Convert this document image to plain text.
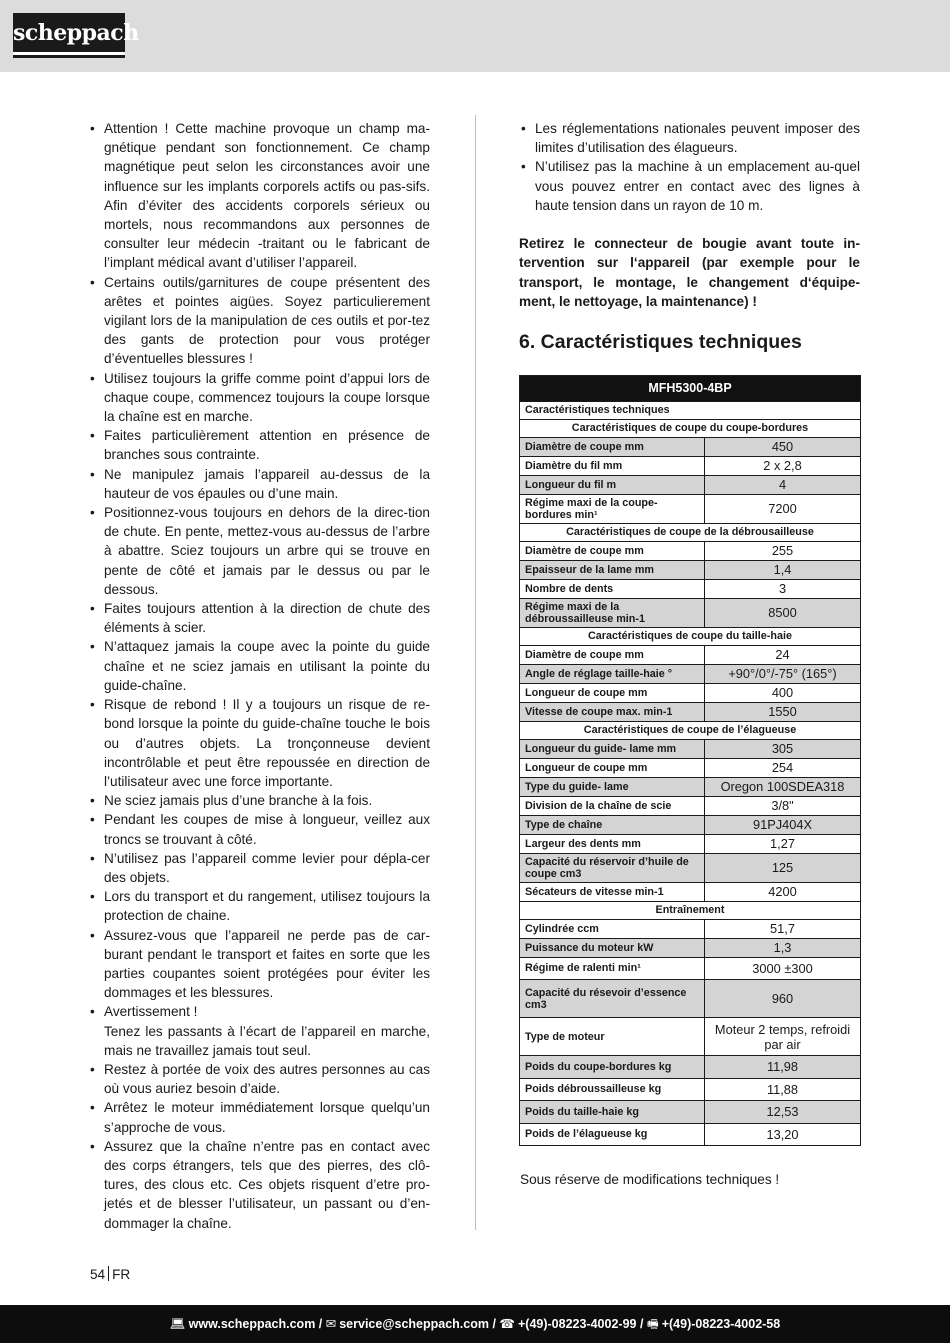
scheppach
• Attention ! Cette machine provoque un champ ma-gnétique pendant son fonctionnement. Ce champ magnétique peut selon les circonstances avoir une influence sur les implants corporels actifs ou pas-sifs. Afin d’éviter des accidents corporels sérieux ou mortels, nous recommandons aux personnes de consulter leur médecin -traitant ou le fabricant de l’implant médical avant d’utiliser l’appareil.
• Certains outils/garnitures de coupe présentent des arêtes et pointes aigües. Soyez particulierement vigilant lors de la manipulation de ces outils et por-tez des gants de protection pour vous protéger d’éventuelles blessures !
• Utilisez toujours la griffe comme point d’appui lors de chaque coupe, commencez toujours la coupe lorsque la chaîne est en marche.
• Faites particulièrement attention en présence de branches sous contrainte.
• Ne manipulez jamais l’appareil au-dessus de la hauteur de vos épaules ou d’une main.
• Positionnez-vous toujours en dehors de la direc-tion de chute. En pente, mettez-vous au-dessus de l’arbre à abattre. Sciez toujours un arbre qui se trouve en pente de côté et jamais par le dessus ou par le dessous.
• Faites toujours attention à la direction de chute des éléments à scier.
• N’attaquez jamais la coupe avec la pointe du guide chaîne et ne sciez jamais en utilisant la pointe du guide-chaîne.
• Risque de rebond ! Il y a toujours un risque de re-bond lorsque la pointe du guide-chaîne touche le bois ou d’autres objets. La tronçonneuse devient incontrôlable et peut être repoussée en direction de l’utilisateur avec une force importante.
• Ne sciez jamais plus d’une branche à la fois.
• Pendant les coupes de mise à longueur, veillez aux troncs se trouvant à côté.
• N’utilisez pas l’appareil comme levier pour dépla-cer des objets.
• Lors du transport et du rangement, utilisez toujours la protection de chaine.
• Assurez-vous que l’appareil ne perde pas de car-burant pendant le transport et faites en sorte que les parties coupantes soient protégées pour éviter les dommages et les blessures.
• Avertissement !
Tenez les passants à l’écart de l’appareil en marche, mais ne travaillez jamais tout seul.
• Restez à portée de voix des autres personnes au cas où vous auriez besoin d’aide.
• Arrêtez le moteur immédiatement lorsque quelqu’un s’approche de vous.
• Assurez que la chaîne n’entre pas en contact avec des corps étrangers, tels que des pierres, des clô-tures, des clous etc. Ces objets risquent d’etre pro-jetés et de blesser l’utilisateur, un passant ou d’en-dommager la chaîne.
• Les réglementations nationales peuvent imposer des limites d’utilisation des élagueurs.
• N’utilisez pas la machine à un emplacement au-quel vous pouvez entrer en contact avec des lignes à haute tension dans un rayon de 10 m.

Retirez le connecteur de bougie avant toute in-tervention sur l‘appareil (par exemple pour le transport, le montage, le changement d‘équipe-ment, le nettoyage, la maintenance) !

6. Caractéristiques techniques
MFH5300-4BP	
Caractéristiques techniques	
Caractéristiques de coupe du coupe-bordures	
Diamètre de coupe mm	450
Diamètre du fil mm	2 x 2,8
Longueur du fil m	4
Régime maxi de la coupe-bordures min¹	7200
Caractéristiques de coupe de la débrousailleuse	
Diamètre de coupe mm	255
Epaisseur de la lame mm	1,4
Nombre de dents	3
Régime maxi de la débroussailleuse min-1	8500
Caractéristiques de coupe du taille-haie	
Diamètre de coupe mm	24
Angle de réglage taille-haie °	+90°/0°/-75° (165°)
Longueur de coupe mm	400
Vitesse de coupe max. min-1	1550
Caractéristiques de coupe de l’élagueuse	
Longueur du guide- lame mm	305
Longueur de coupe mm	254
Type du guide- lame	Oregon 100SDEA318
Division de la chaîne de scie	3/8"
Type de chaîne	91PJ404X
Largeur des dents mm	1,27
Capacité du réservoir d’huile de coupe cm3	125
Sécateurs de vitesse min-1	4200
Entraînement	
Cylindrée ccm	51,7
Puissance du moteur kW	1,3
Régime de ralenti min¹	3000 ±300
Capacité du résevoir d’essence cm3	960
Type de moteur	Moteur 2 temps, refroidi par air
Poids du coupe-bordures kg	11,98
Poids débroussailleuse kg	11,88
Poids du taille-haie kg	12,53
Poids de l’élagueuse kg	13,20

Sous réserve de modifications techniques !

54 FR
💻︎ www.scheppach.com / ✉︎ service@scheppach.com / ☎ +(49)-08223-4002-99 / 🖷︎ +(49)-08223-4002-58
